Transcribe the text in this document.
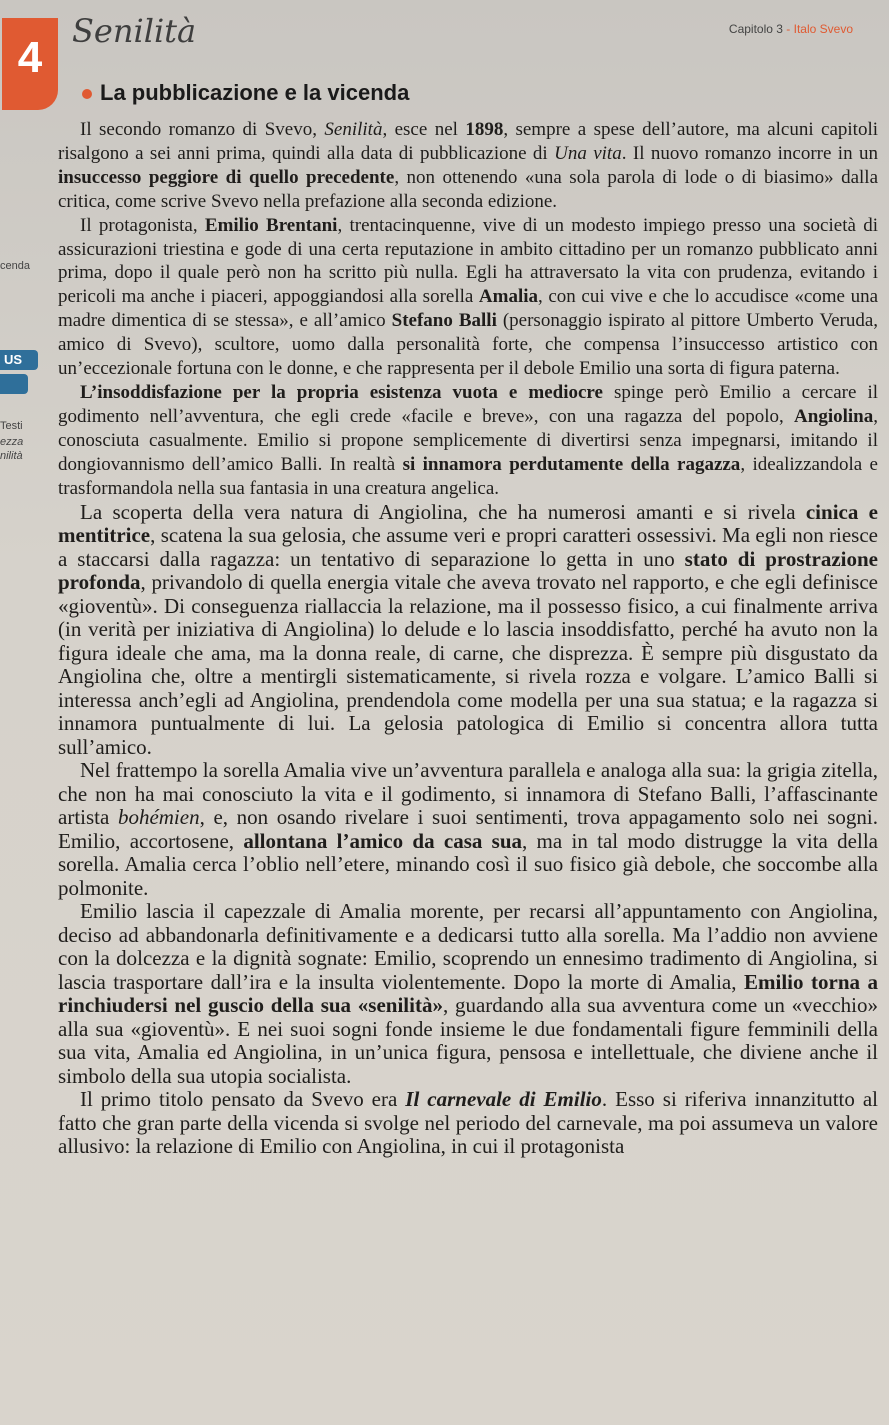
4
Senilità	Capitolo 3 - Italo Svevo
La pubblicazione e la vicenda
cenda
US
Testi
ezza
nilità

Il secondo romanzo di Svevo, Senilità, esce nel 1898, sempre a spese dell’autore, ma alcuni capitoli risalgono a sei anni prima, quindi alla data di pubblicazione di Una vita. Il nuovo romanzo incorre in un insuccesso peggiore di quello precedente, non ottenendo «una sola parola di lode o di biasimo» dalla critica, come scrive Svevo nella prefazione alla seconda edizione.

Il protagonista, Emilio Brentani, trentacinquenne, vive di un modesto impiego presso una società di assicurazioni triestina e gode di una certa reputazione in ambito cittadino per un romanzo pubblicato anni prima, dopo il quale però non ha scritto più nulla. Egli ha attraversato la vita con prudenza, evitando i pericoli ma anche i piaceri, appoggiandosi alla sorella Amalia, con cui vive e che lo accudisce «come una madre dimentica di se stessa», e all’amico Stefano Balli (personaggio ispirato al pittore Umberto Veruda, amico di Svevo), scultore, uomo dalla personalità forte, che compensa l’insuccesso artistico con un’eccezionale fortuna con le donne, e che rappresenta per il debole Emilio una sorta di figura paterna.

L’insoddisfazione per la propria esistenza vuota e mediocre spinge però Emilio a cercare il godimento nell’avventura, che egli crede «facile e breve», con una ragazza del popolo, Angiolina, conosciuta casualmente. Emilio si propone semplicemente di divertirsi senza impegnarsi, imitando il dongiovannismo dell’amico Balli. In realtà si innamora perdutamente della ragazza, idealizzandola e trasformandola nella sua fantasia in una creatura angelica.

La scoperta della vera natura di Angiolina, che ha numerosi amanti e si rivela cinica e mentitrice, scatena la sua gelosia, che assume veri e propri caratteri ossessivi. Ma egli non riesce a staccarsi dalla ragazza: un tentativo di separazione lo getta in uno stato di prostrazione profonda, privandolo di quella energia vitale che aveva trovato nel rapporto, e che egli definisce «gioventù». Di conseguenza riallaccia la relazione, ma il possesso fisico, a cui finalmente arriva (in verità per iniziativa di Angiolina) lo delude e lo lascia insoddisfatto, perché ha avuto non la figura ideale che ama, ma la donna reale, di carne, che disprezza. È sempre più disgustato da Angiolina che, oltre a mentirgli sistematicamente, si rivela rozza e volgare. L’amico Balli si interessa anch’egli ad Angiolina, prendendola come modella per una sua statua; e la ragazza si innamora puntualmente di lui. La gelosia patologica di Emilio si concentra allora tutta sull’amico.

Nel frattempo la sorella Amalia vive un’avventura parallela e analoga alla sua: la grigia zitella, che non ha mai conosciuto la vita e il godimento, si innamora di Stefano Balli, l’affascinante artista bohémien, e, non osando rivelare i suoi sentimenti, trova appagamento solo nei sogni. Emilio, accortosene, allontana l’amico da casa sua, ma in tal modo distrugge la vita della sorella. Amalia cerca l’oblio nell’etere, minando così il suo fisico già debole, che soccombe alla polmonite.

Emilio lascia il capezzale di Amalia morente, per recarsi all’appuntamento con Angiolina, deciso ad abbandonarla definitivamente e a dedicarsi tutto alla sorella. Ma l’addio non avviene con la dolcezza e la dignità sognate: Emilio, scoprendo un ennesimo tradimento di Angiolina, si lascia trasportare dall’ira e la insulta violentemente. Dopo la morte di Amalia, Emilio torna a rinchiudersi nel guscio della sua «senilità», guardando alla sua avventura come un «vecchio» alla sua «gioventù». E nei suoi sogni fonde insieme le due fondamentali figure femminili della sua vita, Amalia ed Angiolina, in un’unica figura, pensosa e intellettuale, che diviene anche il simbolo della sua utopia socialista.

Il primo titolo pensato da Svevo era Il carnevale di Emilio. Esso si riferiva innanzitutto al fatto che gran parte della vicenda si svolge nel periodo del carnevale, ma poi assumeva un valore allusivo: la relazione di Emilio con Angiolina, in cui il protagonista
